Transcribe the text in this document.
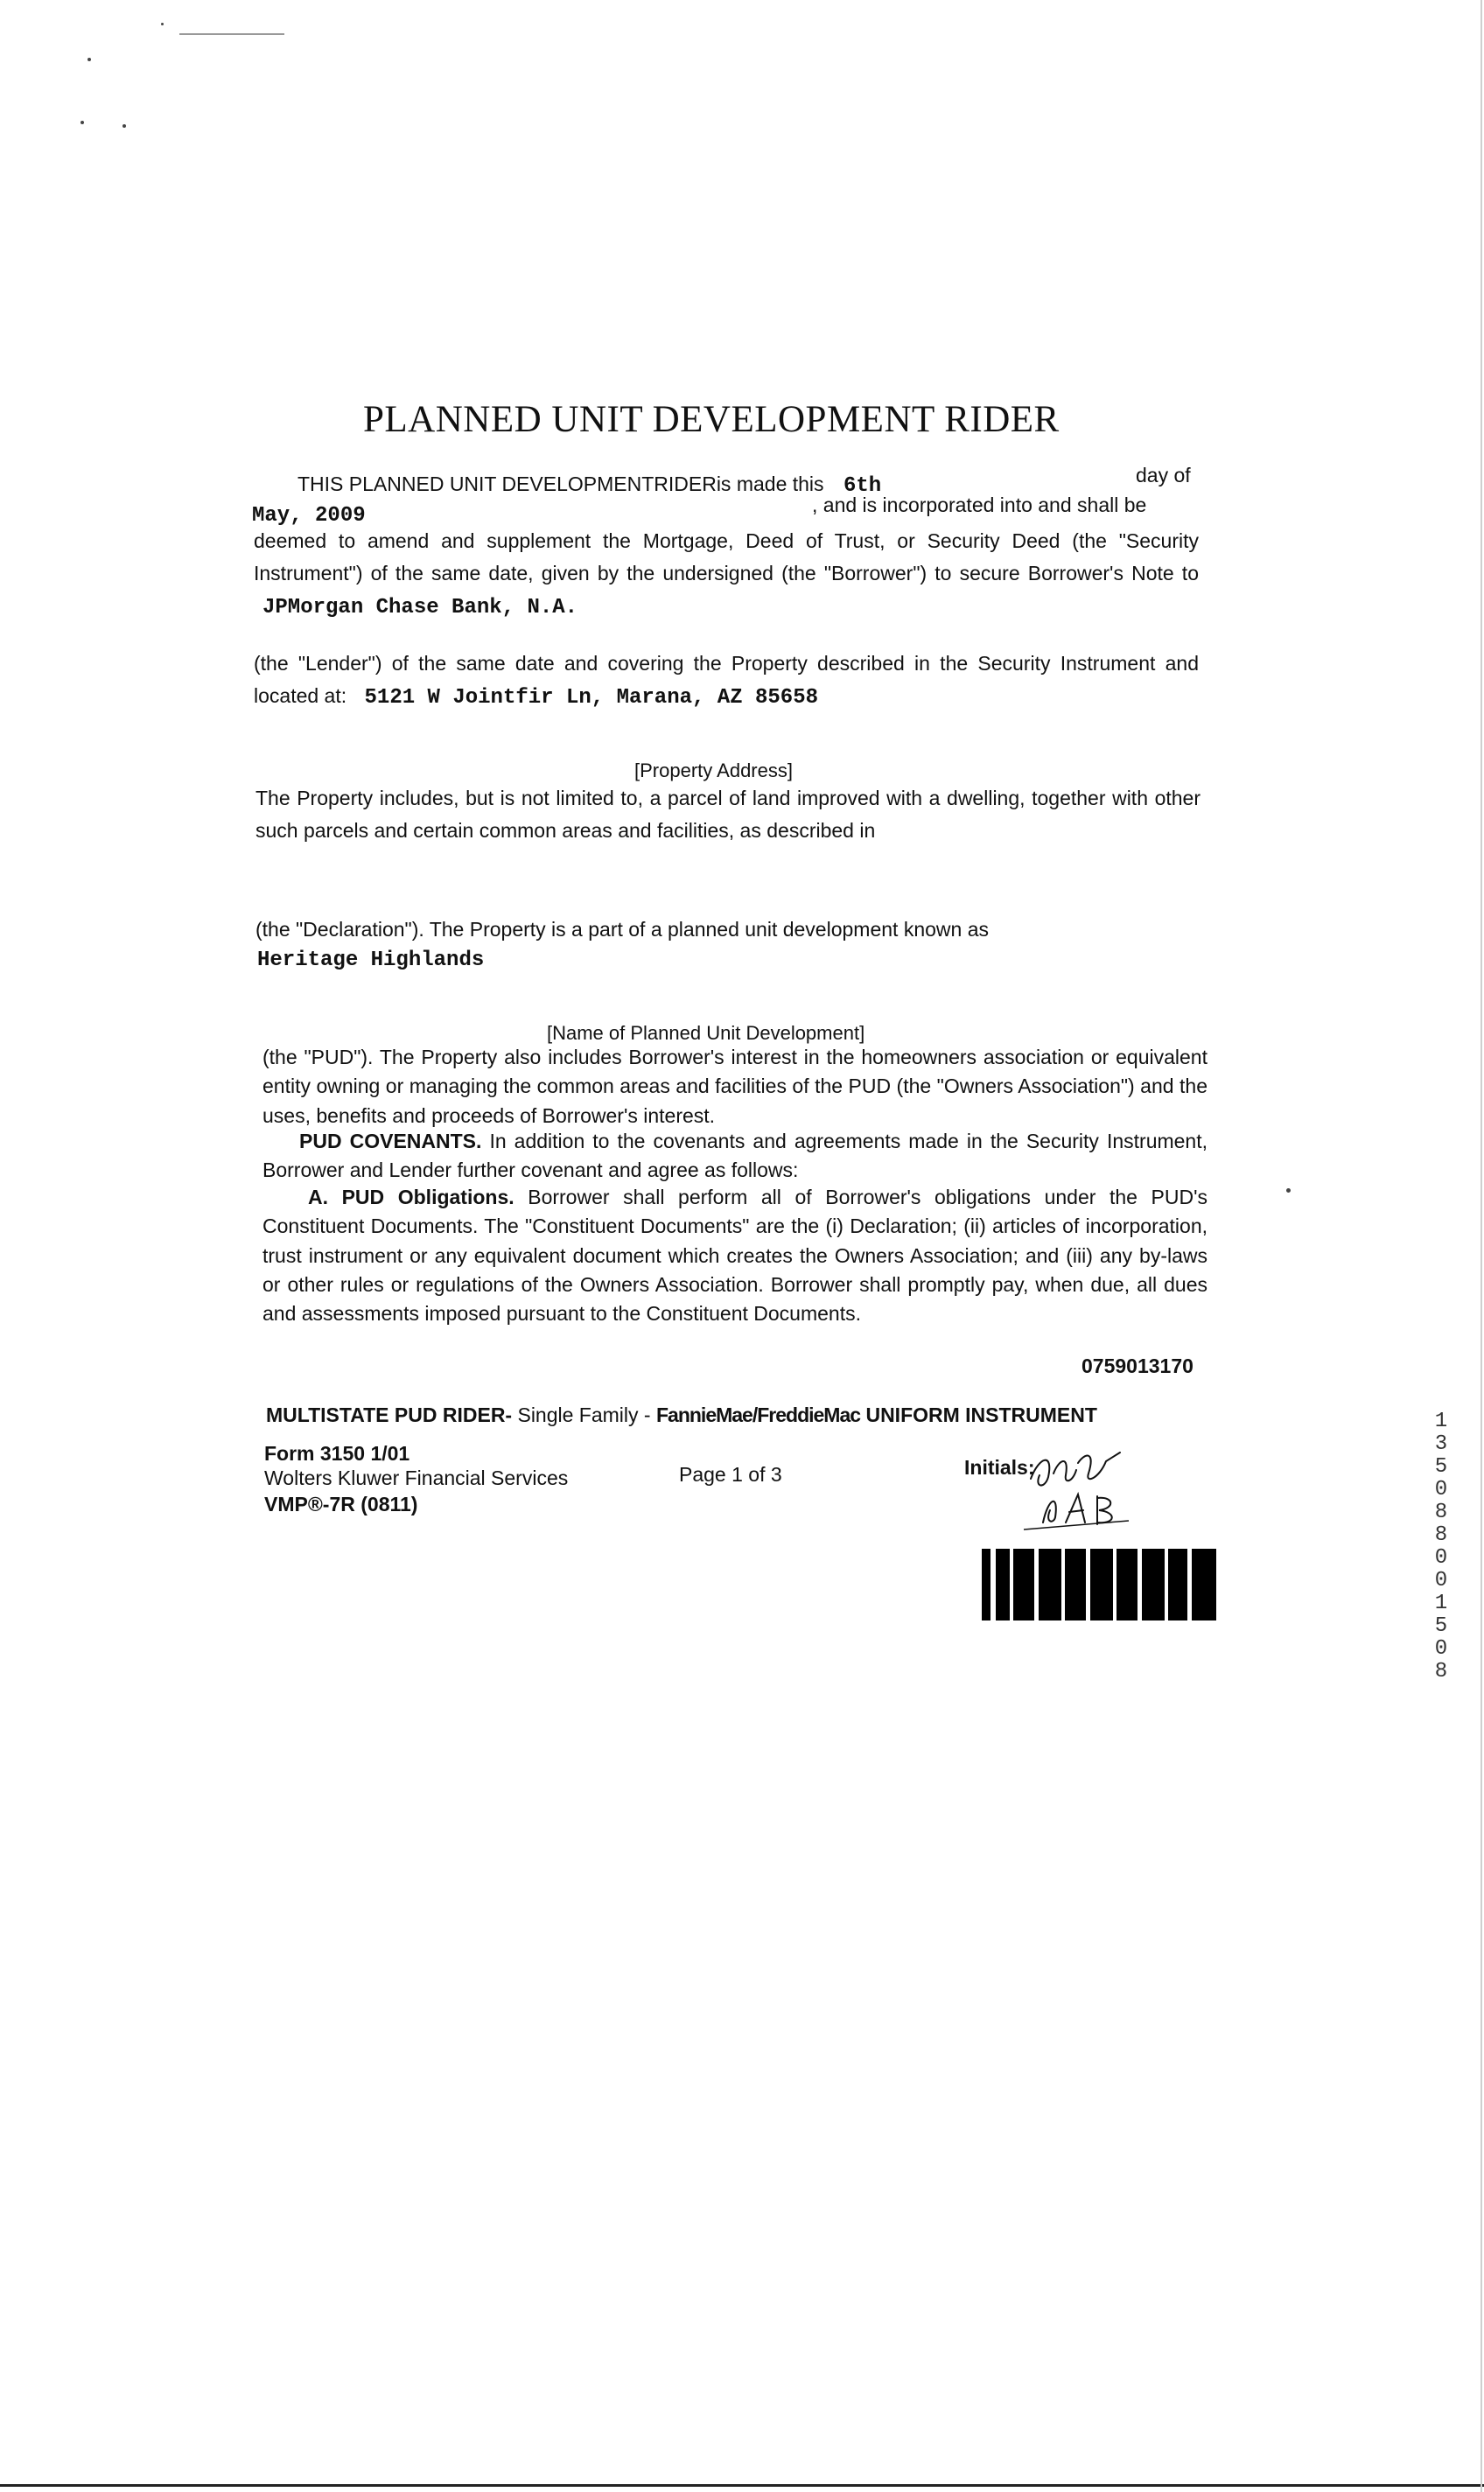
PLANNED UNIT DEVELOPMENT RIDER
THIS PLANNED UNIT DEVELOPMENTRIDERis made this 6th	day of
May, 2009	, and is incorporated into and shall be
deemed to amend and supplement the Mortgage, Deed of Trust, or Security Deed (the "Security Instrument") of the same date, given by the undersigned (the "Borrower") to secure Borrower's Note to JPMorgan Chase Bank, N.A.
(the "Lender") of the same date and covering the Property described in the Security Instrument and located at: 5121 W Jointfir Ln, Marana, AZ 85658
[Property Address]
The Property includes, but is not limited to, a parcel of land improved with a dwelling, together with other such parcels and certain common areas and facilities, as described in
(the "Declaration"). The Property is a part of a planned unit development known as
Heritage Highlands
[Name of Planned Unit Development]
(the "PUD"). The Property also includes Borrower's interest in the homeowners association or equivalent entity owning or managing the common areas and facilities of the PUD (the "Owners Association") and the uses, benefits and proceeds of Borrower's interest.
PUD COVENANTS. In addition to the covenants and agreements made in the Security Instrument, Borrower and Lender further covenant and agree as follows:
A. PUD Obligations. Borrower shall perform all of Borrower's obligations under the PUD's Constituent Documents. The "Constituent Documents" are the (i) Declaration; (ii) articles of incorporation, trust instrument or any equivalent document which creates the Owners Association; and (iii) any by-laws or other rules or regulations of the Owners Association. Borrower shall promptly pay, when due, all dues and assessments imposed pursuant to the Constituent Documents.
0759013170
MULTISTATE PUD RIDER- Single Family - FannieMae/FreddieMac UNIFORM INSTRUMENT
Form 3150 1/01
Wolters Kluwer Financial Services
VMP®-7R (0811)
Page 1 of 3	Initials:
1350880 01508
